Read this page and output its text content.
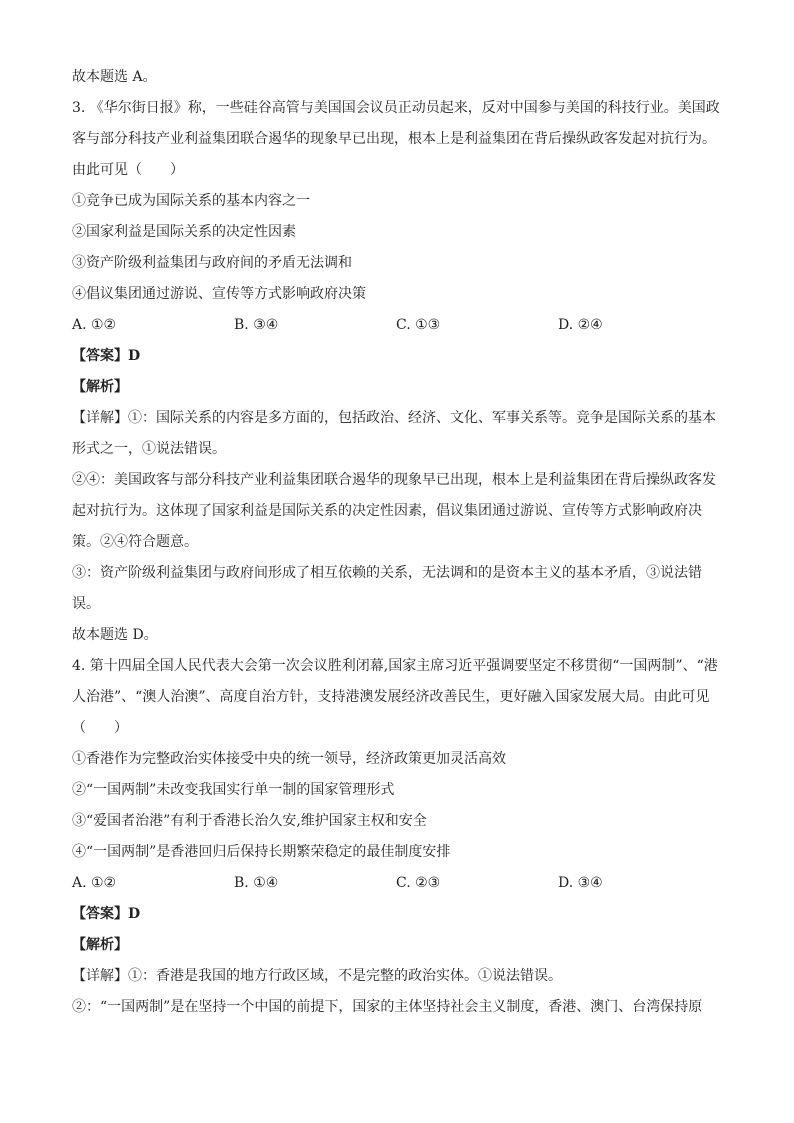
故本题选 A。
3. 《华尔街日报》称，一些硅谷高管与美国国会议员正动员起来，反对中国参与美国的科技行业。美国政
客与部分科技产业利益集团联合遏华的现象早已出现，根本上是利益集团在背后操纵政客发起对抗行为。
由此可见（　　）
①竞争已成为国际关系的基本内容之一
②国家利益是国际关系的决定性因素
③资产阶级利益集团与政府间的矛盾无法调和
④倡议集团通过游说、宣传等方式影响政府决策
A. ①②	B. ③④	C. ①③	D. ②④
【答案】D
【解析】
【详解】①：国际关系的内容是多方面的，包括政治、经济、文化、军事关系等。竞争是国际关系的基本
形式之一，①说法错误。
②④：美国政客与部分科技产业利益集团联合遏华的现象早已出现，根本上是利益集团在背后操纵政客发
起对抗行为。这体现了国家利益是国际关系的决定性因素，倡议集团通过游说、宣传等方式影响政府决
策。②④符合题意。
③：资产阶级利益集团与政府间形成了相互依赖的关系，无法调和的是资本主义的基本矛盾，③说法错
误。
故本题选 D。
4. 第十四届全国人民代表大会第一次会议胜利闭幕,国家主席习近平强调要坚定不移贯彻“一国两制”、“港
人治港”、“澳人治澳”、高度自治方针，支持港澳发展经济改善民生，更好融入国家发展大局。由此可见
（　　）
①香港作为完整政治实体接受中央的统一领导，经济政策更加灵活高效
②“一国两制”未改变我国实行单一制的国家管理形式
③“爱国者治港”有利于香港长治久安,维护国家主权和安全
④“一国两制”是香港回归后保持长期繁荣稳定的最佳制度安排
A. ①②	B. ①④	C. ②③	D. ③④
【答案】D
【解析】
【详解】①：香港是我国的地方行政区域，不是完整的政治实体。①说法错误。
②：“一国两制”是在坚持一个中国的前提下，国家的主体坚持社会主义制度，香港、澳门、台湾保持原
